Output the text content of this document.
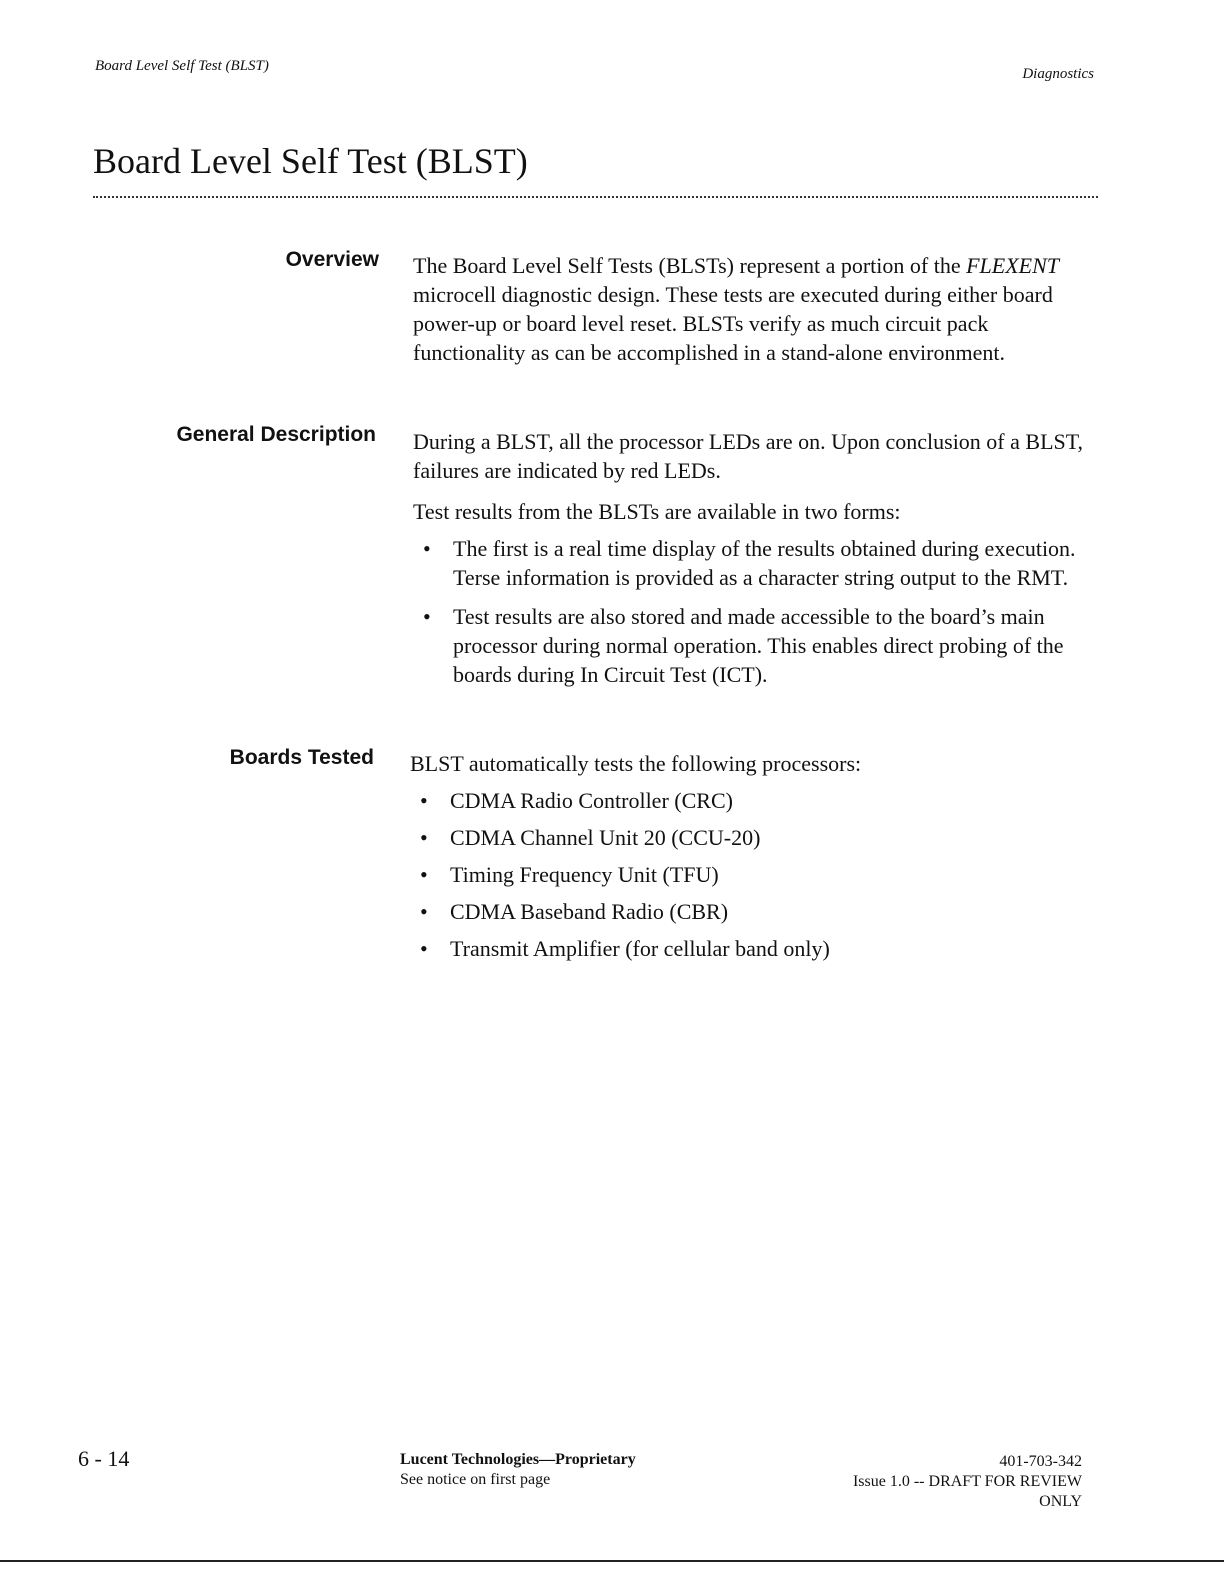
Board Level Self Test (BLST)	Diagnostics
Board Level Self Test (BLST)
Overview The Board Level Self Tests (BLSTs) represent a portion of the FLEXENT microcell diagnostic design. These tests are executed during either board power-up or board level reset. BLSTs verify as much circuit pack functionality as can be accomplished in a stand-alone environment.

General Description During a BLST, all the processor LEDs are on. Upon conclusion of a BLST, failures are indicated by red LEDs.

Test results from the BLSTs are available in two forms:

• The first is a real time display of the results obtained during execution. Terse information is provided as a character string output to the RMT.
• Test results are also stored and made accessible to the board’s main processor during normal operation. This enables direct probing of the boards during In Circuit Test (ICT).
Boards Tested BLST automatically tests the following processors:

• CDMA Radio Controller (CRC)
• CDMA Channel Unit 20 (CCU-20)
• Timing Frequency Unit (TFU)
• CDMA Baseband Radio (CBR)
• Transmit Amplifier (for cellular band only)
6 - 14	Lucent Technologies—Proprietary
See notice on first page
401-703-342
Issue 1.0 -- DRAFT FOR REVIEW
ONLY
